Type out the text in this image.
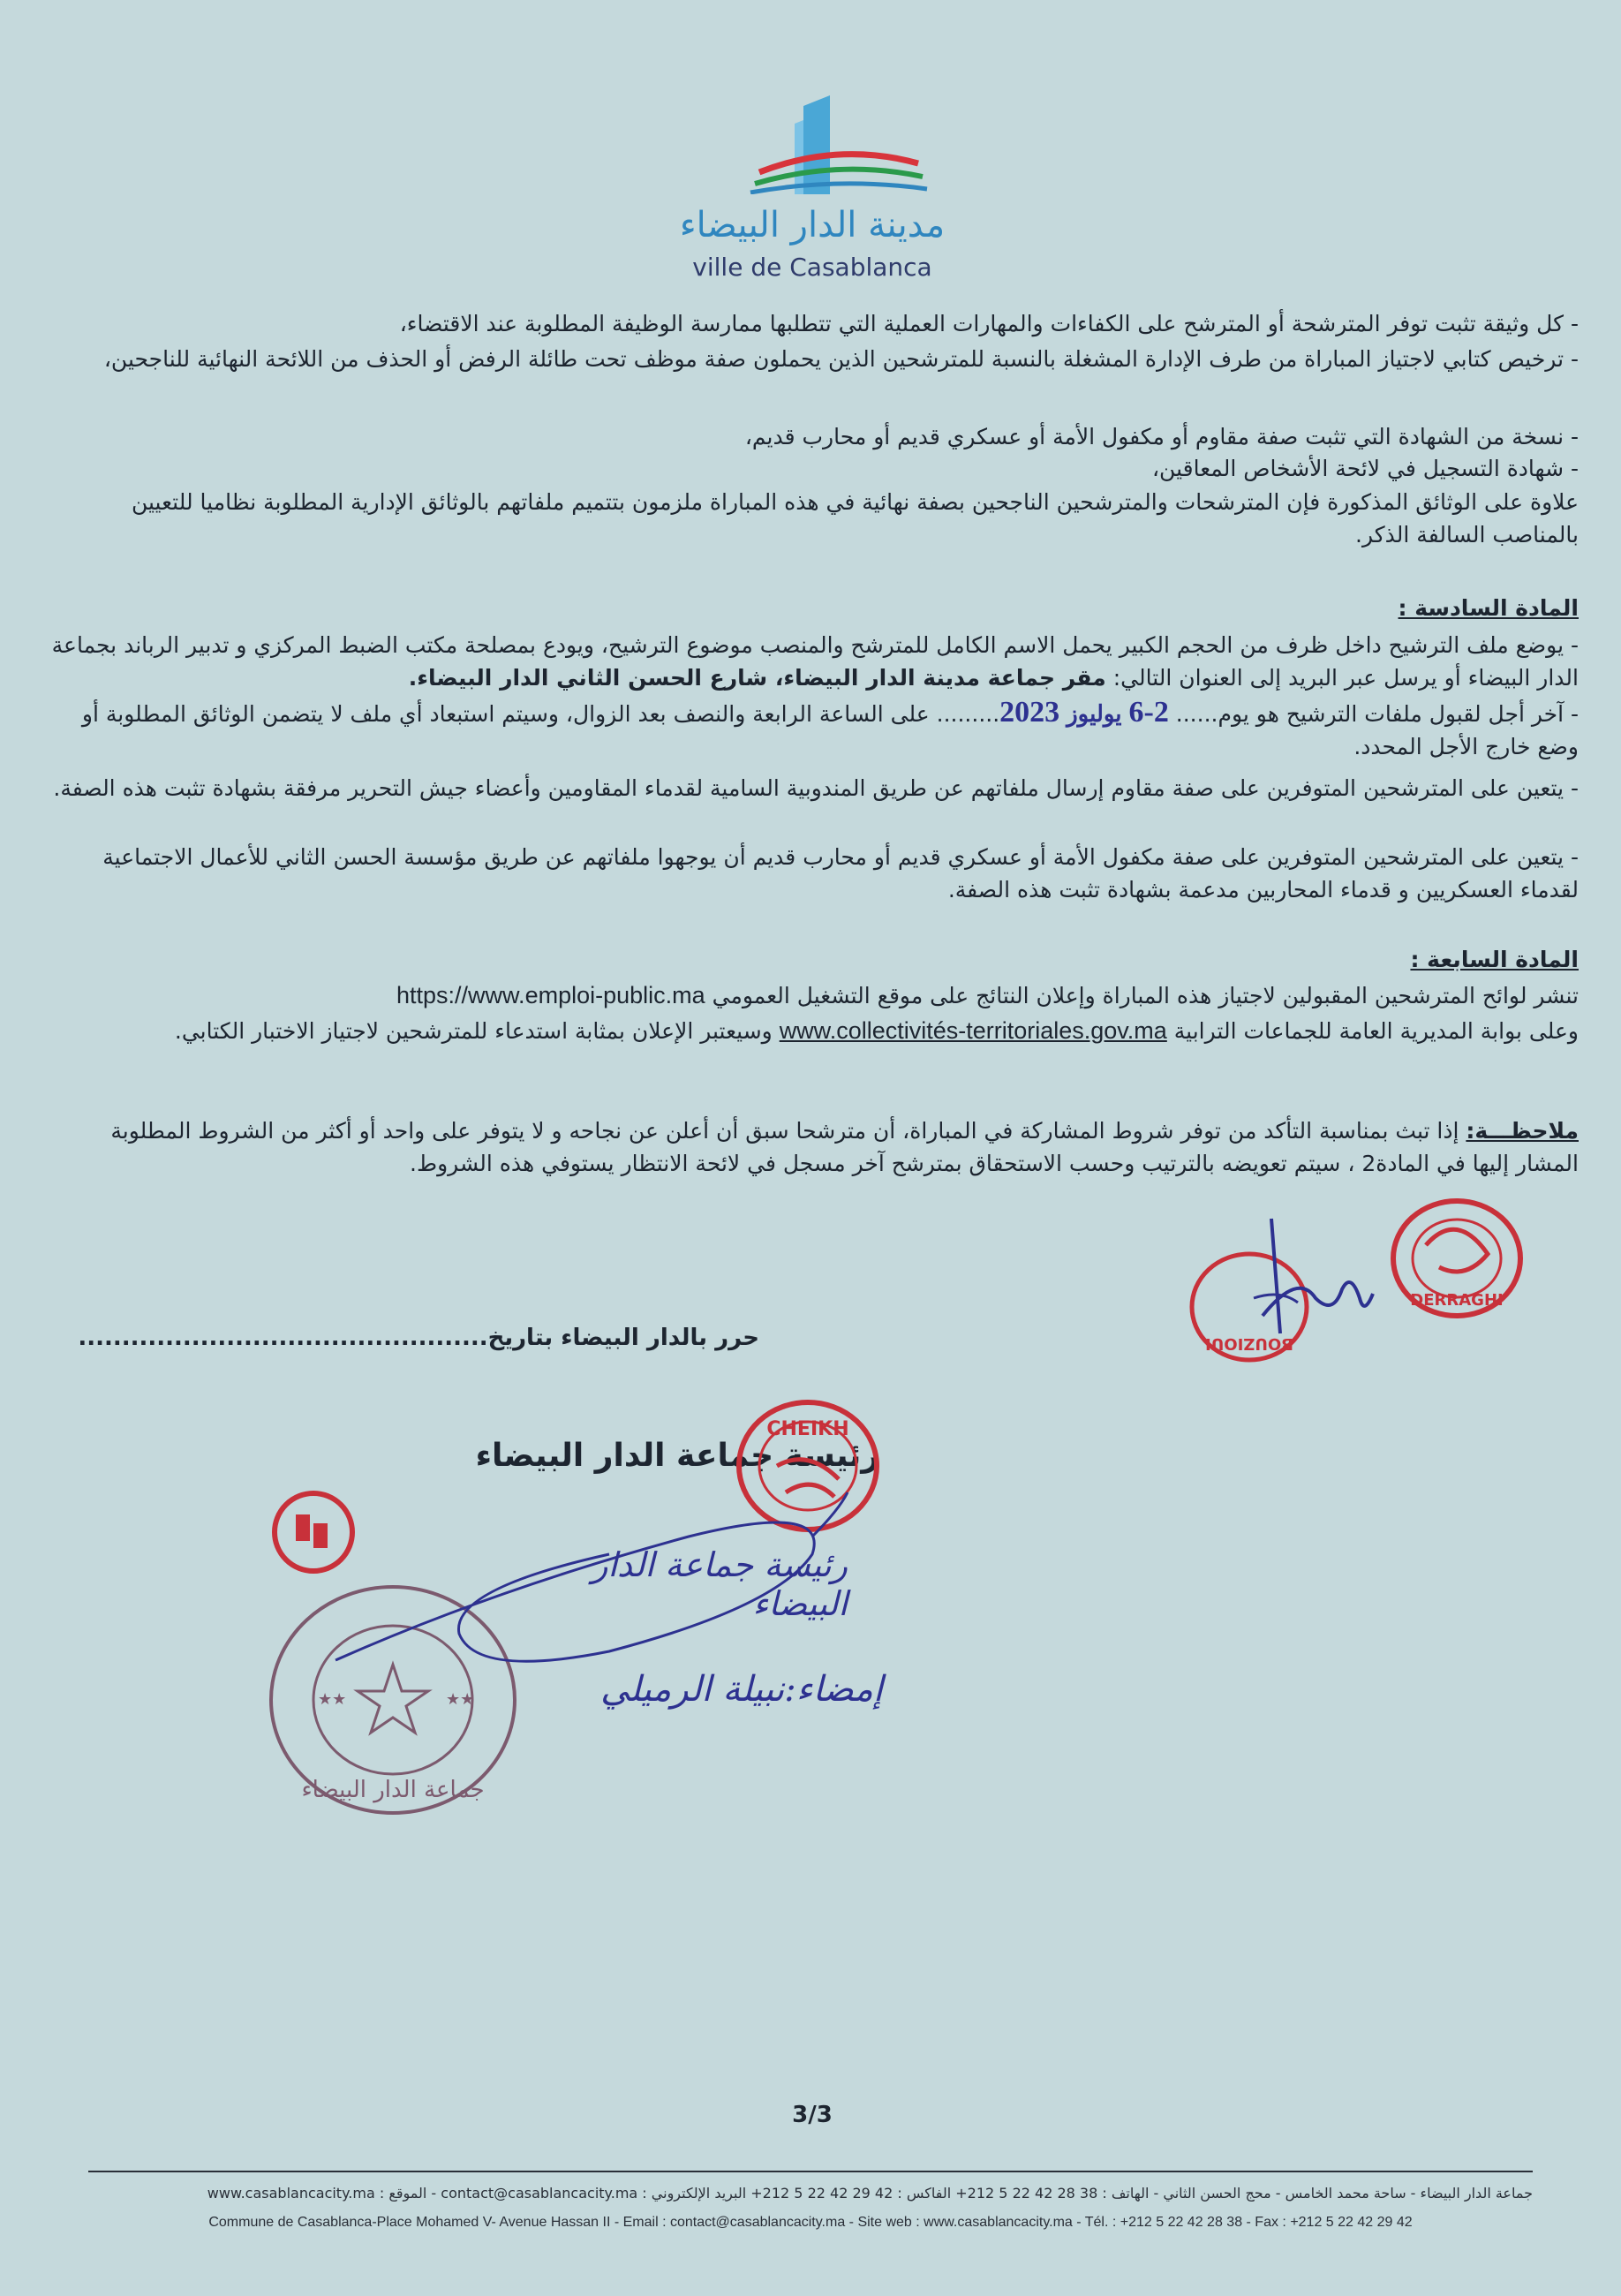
مدينة الدار البيضاء
ville de Casablanca
- كل وثيقة تثبت توفر المترشحة أو المترشح على الكفاءات والمهارات العملية التي تتطلبها ممارسة الوظيفة المطلوبة عند الاقتضاء،
- ترخيص كتابي لاجتياز المباراة من طرف الإدارة المشغلة بالنسبة للمترشحين الذين يحملون صفة موظف تحت طائلة الرفض أو الحذف من اللائحة النهائية للناجحين،
- نسخة من الشهادة التي تثبت صفة مقاوم أو مكفول الأمة أو عسكري قديم أو محارب قديم،
- شهادة التسجيل في لائحة الأشخاص المعاقين،
علاوة على الوثائق المذكورة فإن المترشحات والمترشحين الناجحين بصفة نهائية في هذه المباراة ملزمون بتتميم ملفاتهم بالوثائق الإدارية المطلوبة نظاميا للتعيين بالمناصب السالفة الذكر.
المادة السادسة :
- يوضع ملف الترشيح داخل ظرف من الحجم الكبير يحمل الاسم الكامل للمترشح والمنصب موضوع الترشيح، ويودع بمصلحة مكتب الضبط المركزي و تدبير الرباند بجماعة الدار البيضاء أو يرسل عبر البريد إلى العنوان التالي: مقر جماعة مدينة الدار البيضاء، شارع الحسن الثاني الدار البيضاء.
- آخر أجل لقبول ملفات الترشيح هو يوم...... 2-6 يوليوز 2023......... على الساعة الرابعة والنصف بعد الزوال، وسيتم استبعاد أي ملف لا يتضمن الوثائق المطلوبة أو وضع خارج الأجل المحدد.
- يتعين على المترشحين المتوفرين على صفة مقاوم إرسال ملفاتهم عن طريق المندوبية السامية لقدماء المقاومين وأعضاء جيش التحرير مرفقة بشهادة تثبت هذه الصفة.
- يتعين على المترشحين المتوفرين على صفة مكفول الأمة أو عسكري قديم أو محارب قديم أن يوجهوا ملفاتهم عن طريق مؤسسة الحسن الثاني للأعمال الاجتماعية لقدماء العسكريين و قدماء المحاربين مدعمة بشهادة تثبت هذه الصفة.
المادة السابعة :
تنشر لوائح المترشحين المقبولين لاجتياز هذه المباراة وإعلان النتائج على موقع التشغيل العمومي https://www.emploi-public.ma
وعلى بوابة المديرية العامة للجماعات الترابية www.collectivités-territoriales.gov.ma وسيعتبر الإعلان بمثابة استدعاء للمترشحين لاجتياز الاختبار الكتابي.
ملاحظـــة: إذا تبث بمناسبة التأكد من توفر شروط المشاركة في المباراة، أن مترشحا سبق أن أعلن عن نجاحه و لا يتوفر على واحد أو أكثر من الشروط المطلوبة المشار إليها في المادة2 ، سيتم تعويضه بالترتيب وحسب الاستحقاق بمترشح آخر مسجل في لائحة الانتظار يستوفي هذه الشروط.
DERRAGHI
BOUZIOUI
حرر بالدار البيضاء بتاريخ...............................................
رئيسة جماعة الدار البيضاء
CHEIKH
★★	★★
جماعة الدار البيضاء
رئيسة جماعة الدار البيضاء
إمضاء:نبيلة الرميلي
3/3
جماعة الدار البيضاء - ساحة محمد الخامس - محج الحسن الثاني - الهاتف : 38 28 42 22 5 212+ الفاكس : 42 29 42 22 5 212+ البريد الإلكتروني : contact@casablancacity.ma - الموقع : www.casablancacity.ma
Commune de Casablanca-Place Mohamed V- Avenue Hassan II - Email : contact@casablancacity.ma - Site web : www.casablancacity.ma - Tél. : +212 5 22 42 28 38 - Fax : +212 5 22 42 29 42
